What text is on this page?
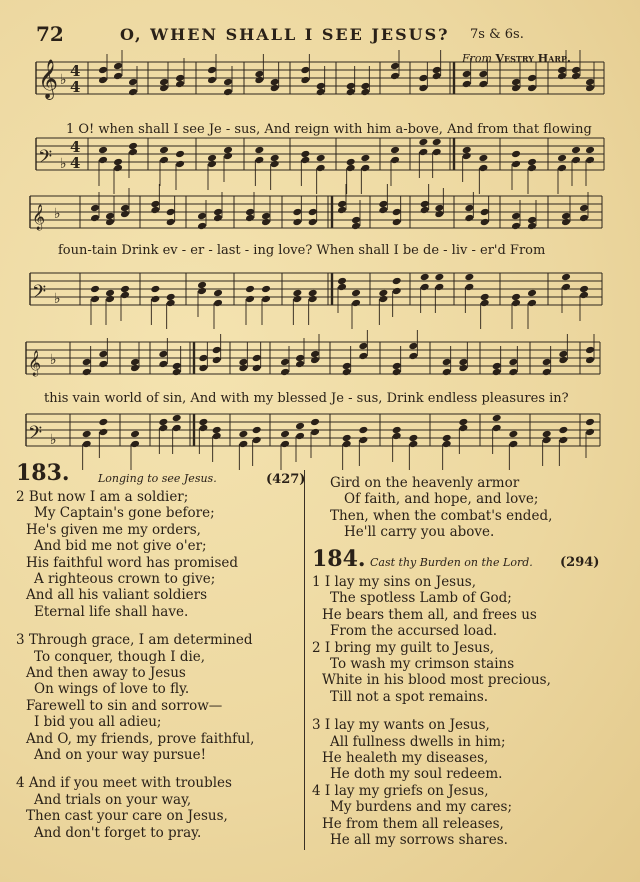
72	O, WHEN SHALL I SEE JESUS? 7s & 6s.
From Vestry Harp.
𝄞 ♭ 4
4
𝄢 ♭
4
4
𝄞 ♭
𝄢 ♭
𝄞 ♭
𝄢 ♭
1 O! when shall I see Je - sus, And reign with him a-bove, And from that flowing
foun-tain Drink ev - er - last - ing love? When shall I be de - liv - er'd From
this vain world of sin, And with my blessed Je - sus, Drink endless pleasures in?
183.	Longing to see Jesus.	(427)
2 But now I am a soldier;
My Captain's gone before;
He's given me my orders,
And bid me not give o'er;
His faithful word has promised
A righteous crown to give;
And all his valiant soldiers
Eternal life shall have.
3 Through grace, I am determined
To conquer, though I die,
And then away to Jesus
On wings of love to fly.
Farewell to sin and sorrow—
I bid you all adieu;
And O, my friends, prove faithful,
And on your way pursue!
4 And if you meet with troubles
And trials on your way,
Then cast your care on Jesus,
And don't forget to pray.
Gird on the heavenly armor
Of faith, and hope, and love;
Then, when the combat's ended,
He'll carry you above.
184. Cast thy Burden on the Lord. (294)
1 I lay my sins on Jesus,
The spotless Lamb of God;
He bears them all, and frees us
From the accursed load.
2 I bring my guilt to Jesus,
To wash my crimson stains
White in his blood most precious,
Till not a spot remains.
3 I lay my wants on Jesus,
All fullness dwells in him;
He healeth my diseases,
He doth my soul redeem.
4 I lay my griefs on Jesus,
My burdens and my cares;
He from them all releases,
He all my sorrows shares.
